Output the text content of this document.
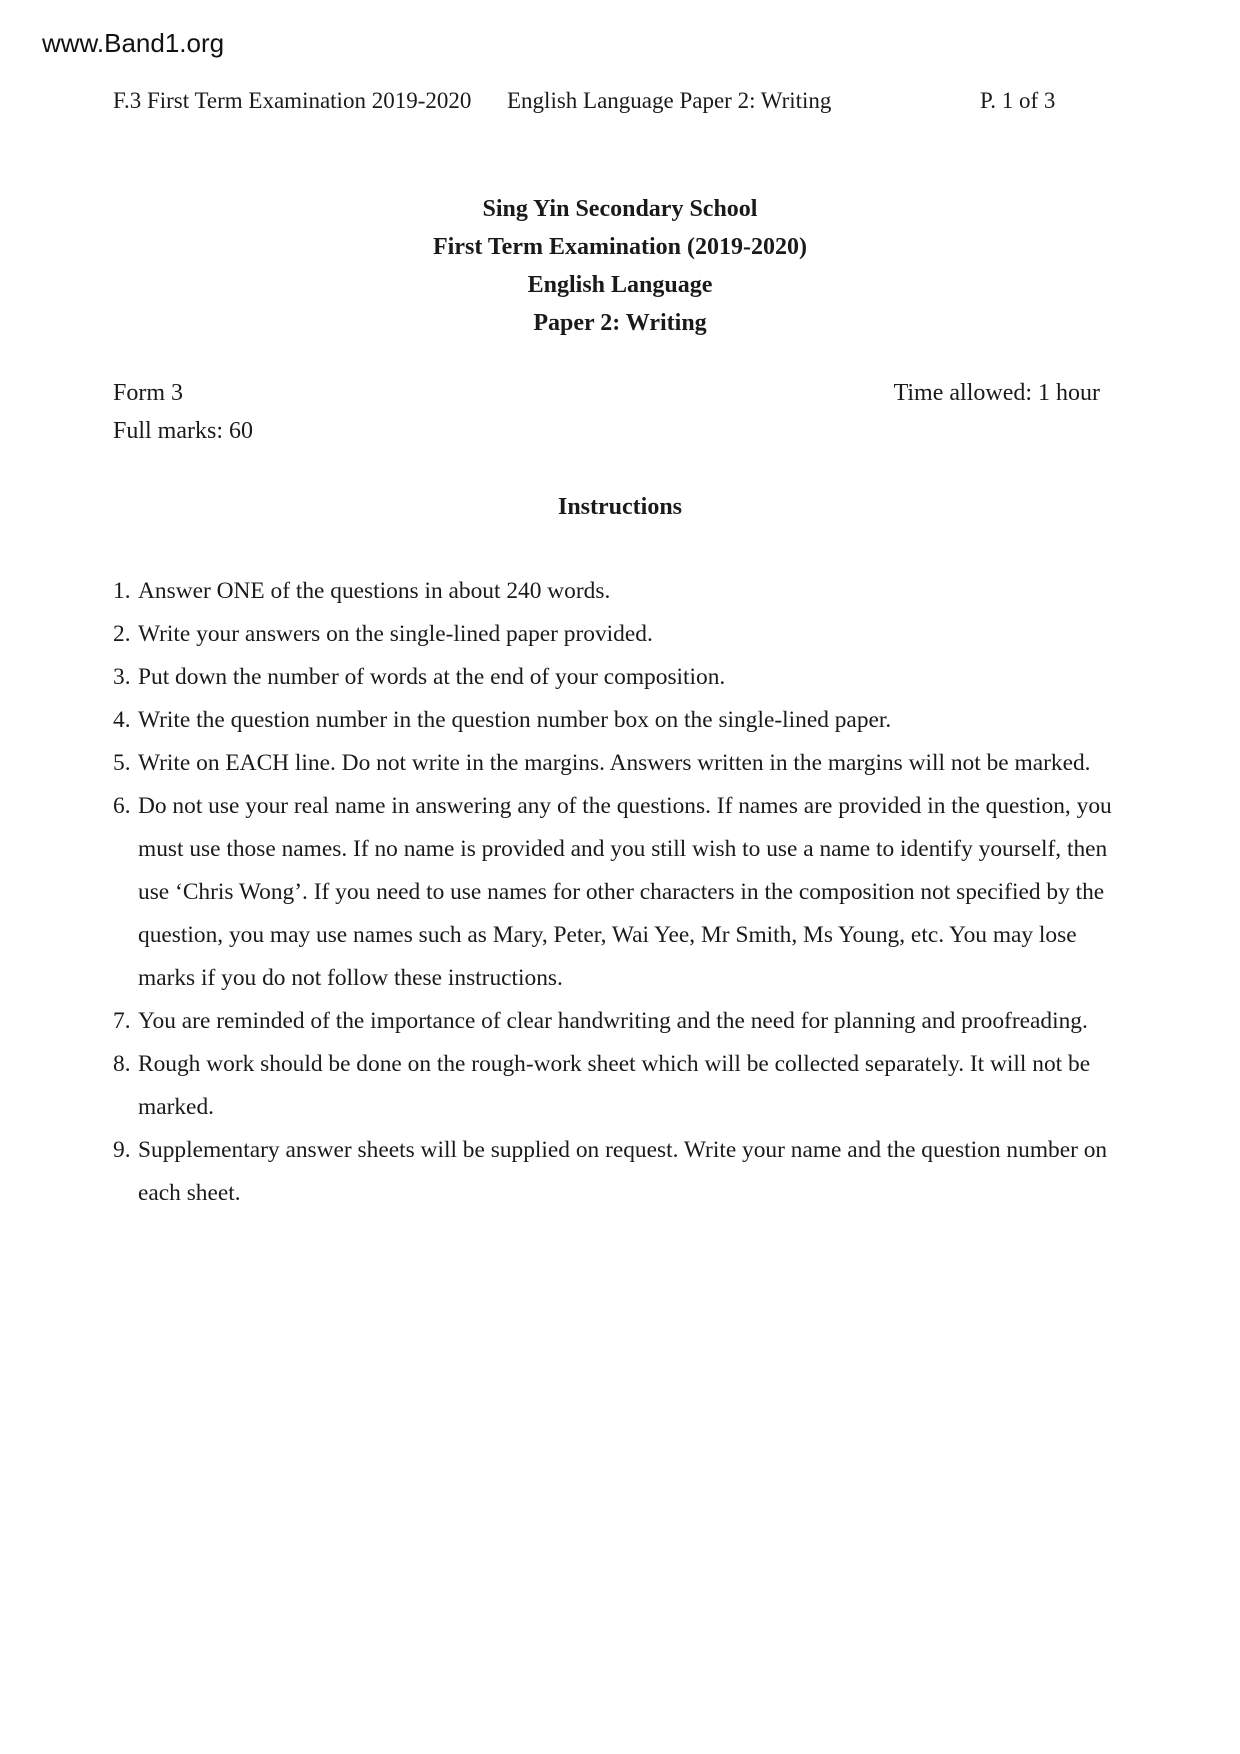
www.Band1.org
F.3 First Term Examination 2019-2020 English Language Paper 2: Writing	P. 1 of 3
Sing Yin Secondary School
First Term Examination (2019-2020)
English Language
Paper 2: Writing
Form 3
Full marks: 60
Time allowed: 1 hour
Instructions
1. Answer ONE of the questions in about 240 words.
2. Write your answers on the single-lined paper provided.
3. Put down the number of words at the end of your composition.
4. Write the question number in the question number box on the single-lined paper.
5. Write on EACH line. Do not write in the margins. Answers written in the margins will not be marked.
6. Do not use your real name in answering any of the questions. If names are provided in the question, you must use those names. If no name is provided and you still wish to use a name to identify yourself, then use ‘Chris Wong’. If you need to use names for other characters in the composition not specified by the question, you may use names such as Mary, Peter, Wai Yee, Mr Smith, Ms Young, etc. You may lose marks if you do not follow these instructions.
7. You are reminded of the importance of clear handwriting and the need for planning and proofreading.
8. Rough work should be done on the rough-work sheet which will be collected separately. It will not be marked.
9. Supplementary answer sheets will be supplied on request. Write your name and the question number on each sheet.
